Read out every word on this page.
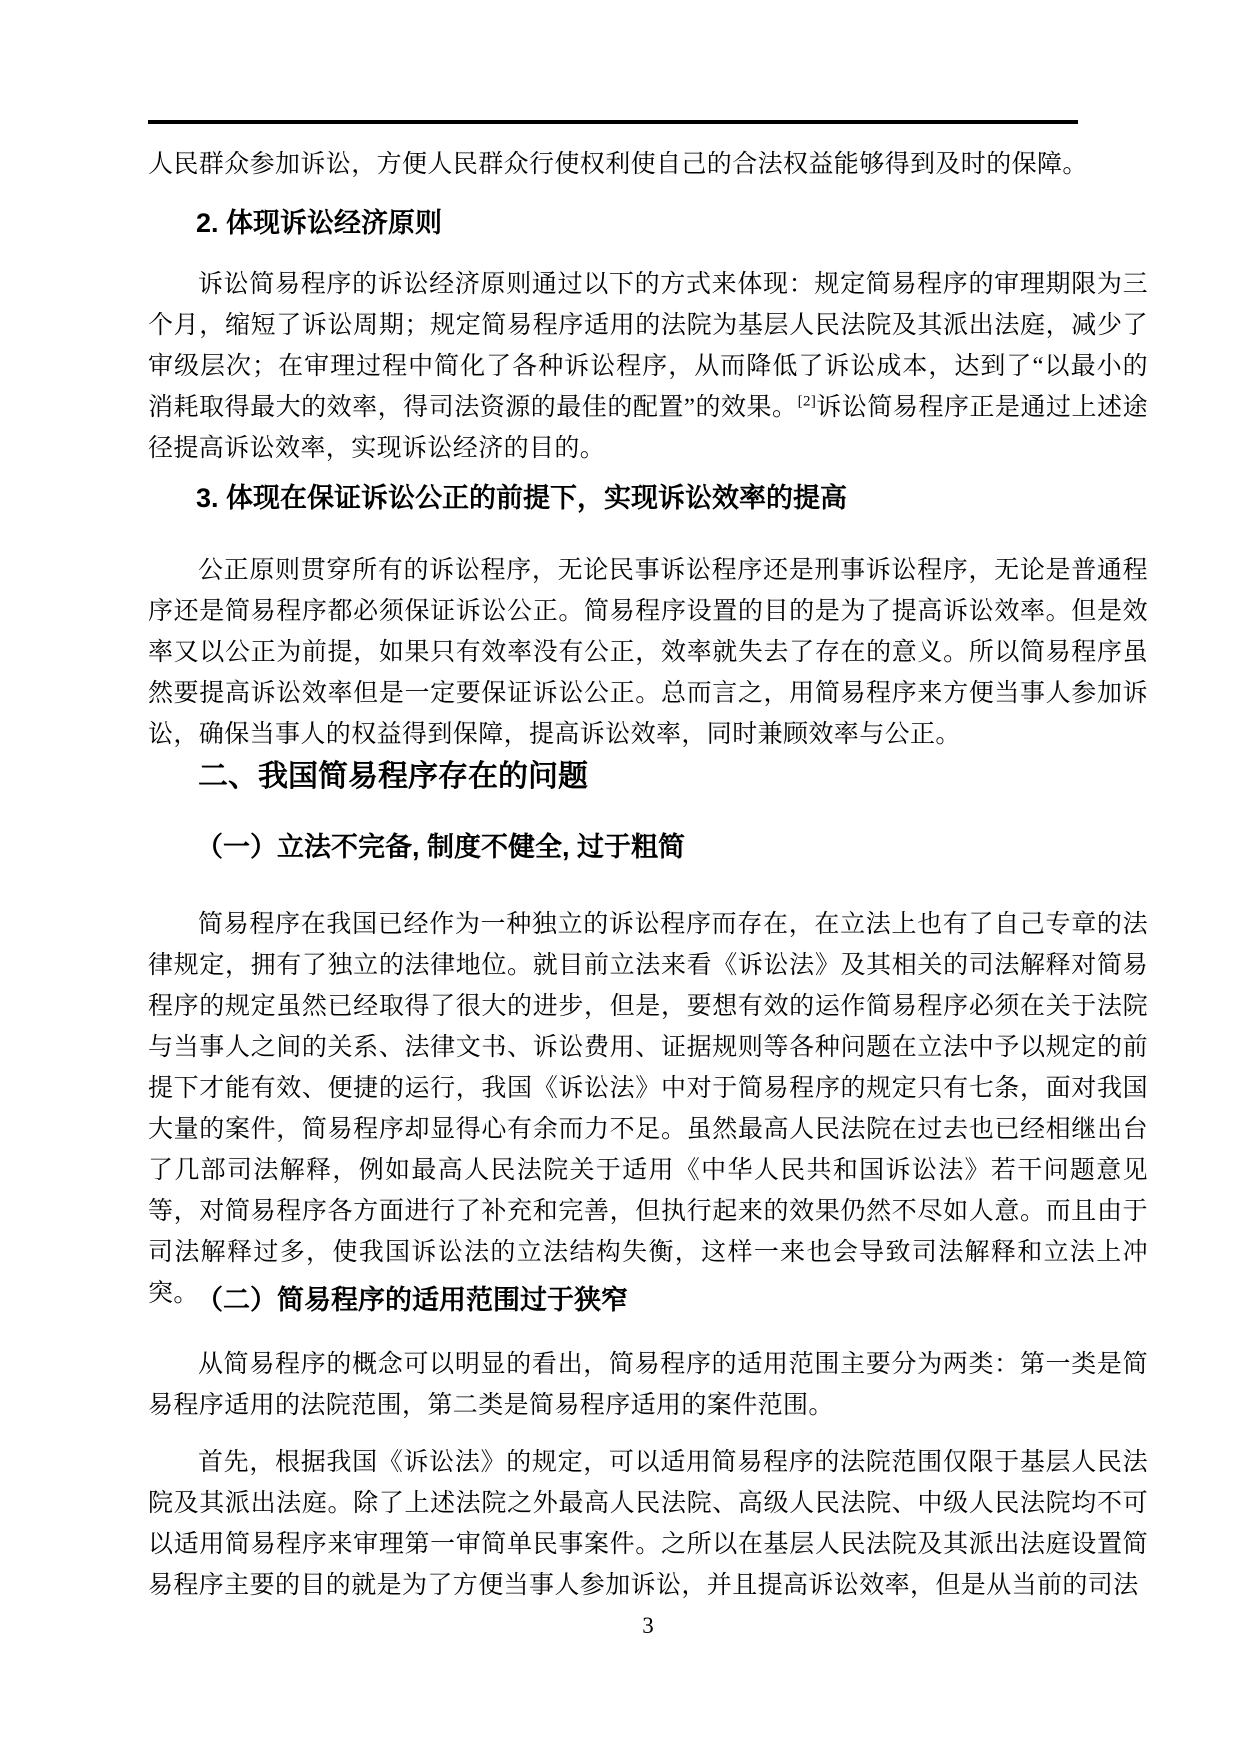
人民群众参加诉讼，方便人民群众行使权利使自己的合法权益能够得到及时的保障。
2. 体现诉讼经济原则
诉讼简易程序的诉讼经济原则通过以下的方式来体现：规定简易程序的审理期限为三个月，缩短了诉讼周期；规定简易程序适用的法院为基层人民法院及其派出法庭，减少了审级层次；在审理过程中简化了各种诉讼程序，从而降低了诉讼成本，达到了“以最小的消耗取得最大的效率，得司法资源的最佳的配置”的效果。[2]诉讼简易程序正是通过上述途径提高诉讼效率，实现诉讼经济的目的。
3. 体现在保证诉讼公正的前提下，实现诉讼效率的提高
公正原则贯穿所有的诉讼程序，无论民事诉讼程序还是刑事诉讼程序，无论是普通程序还是简易程序都必须保证诉讼公正。简易程序设置的目的是为了提高诉讼效率。但是效率又以公正为前提，如果只有效率没有公正，效率就失去了存在的意义。所以简易程序虽然要提高诉讼效率但是一定要保证诉讼公正。总而言之，用简易程序来方便当事人参加诉讼，确保当事人的权益得到保障，提高诉讼效率，同时兼顾效率与公正。
二、我国简易程序存在的问题
（一）立法不完备, 制度不健全, 过于粗简
简易程序在我国已经作为一种独立的诉讼程序而存在，在立法上也有了自己专章的法律规定，拥有了独立的法律地位。就目前立法来看《诉讼法》及其相关的司法解释对简易程序的规定虽然已经取得了很大的进步，但是，要想有效的运作简易程序必须在关于法院与当事人之间的关系、法律文书、诉讼费用、证据规则等各种问题在立法中予以规定的前提下才能有效、便捷的运行，我国《诉讼法》中对于简易程序的规定只有七条，面对我国大量的案件，简易程序却显得心有余而力不足。虽然最高人民法院在过去也已经相继出台了几部司法解释，例如最高人民法院关于适用《中华人民共和国诉讼法》若干问题意见等，对简易程序各方面进行了补充和完善，但执行起来的效果仍然不尽如人意。而且由于司法解释过多，使我国诉讼法的立法结构失衡，这样一来也会导致司法解释和立法上冲突。
（二）简易程序的适用范围过于狭窄
从简易程序的概念可以明显的看出，简易程序的适用范围主要分为两类：第一类是简易程序适用的法院范围，第二类是简易程序适用的案件范围。
首先，根据我国《诉讼法》的规定，可以适用简易程序的法院范围仅限于基层人民法院及其派出法庭。除了上述法院之外最高人民法院、高级人民法院、中级人民法院均不可以适用简易程序来审理第一审简单民事案件。之所以在基层人民法院及其派出法庭设置简易程序主要的目的就是为了方便当事人参加诉讼，并且提高诉讼效率，但是从当前的司法
3
